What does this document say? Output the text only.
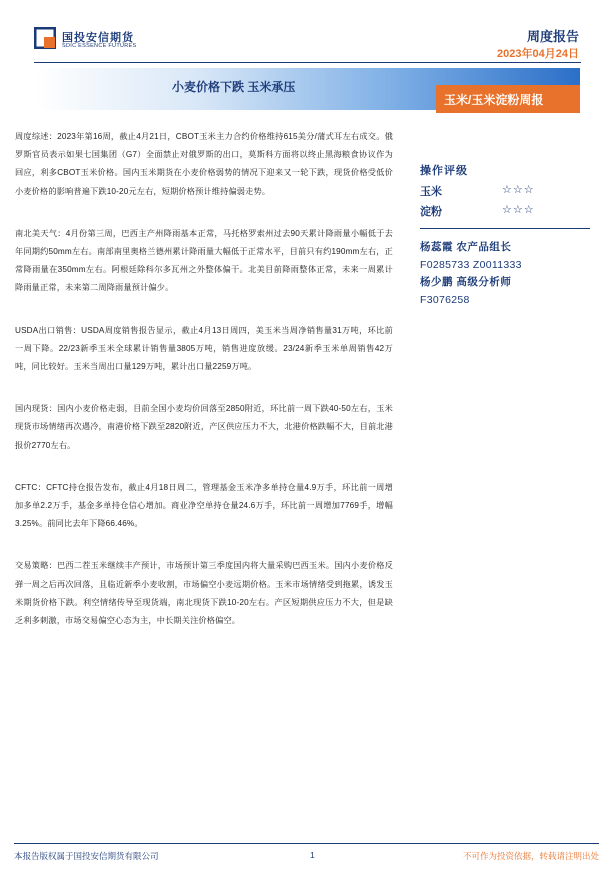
国投安信期货
SDIC ESSENCE FUTURES
周度报告
2023年04月24日
小麦价格下跌 玉米承压
玉米/玉米淀粉周报

周度综述：2023年第16周，截止4月21日，CBOT玉米主力合约价格维持615美分/蒲式耳左右成交。俄罗斯官员表示如果七国集团（G7）全面禁止对俄罗斯的出口，莫斯科方面将以终止黑海粮食协议作为回应，利多CBOT玉米价格。国内玉米期货在小麦价格弱势的情况下迎来又一轮下跌，现货价格受低价小麦价格的影响普遍下跌10-20元左右，短期价格预计维持偏弱走势。

南北美天气：4月份第三周，巴西主产州降雨基本正常，马托格罗索州过去90天累计降雨量小幅低于去年同期约50mm左右。南部南里奥格兰德州累计降雨量大幅低于正常水平，目前只有约190mm左右，正常降雨量在350mm左右。阿根廷除科尔多瓦州之外整体偏干。北美目前降雨整体正常，未来一周累计降雨量正常，未来第二周降雨量预计偏少。

USDA出口销售：USDA周度销售报告显示，截止4月13日周四，美玉米当周净销售量31万吨，环比前一周下降。22/23新季玉米全球累计销售量3805万吨，销售进度放缓。23/24新季玉米单周销售42万吨，同比较好。玉米当周出口量129万吨，累计出口量2259万吨。

国内现货：国内小麦价格走弱，目前全国小麦均价回落至2850附近，环比前一周下跌40-50左右，玉米现货市场情绪再次遇冷，南港价格下跌至2820附近，产区供应压力不大，北港价格跌幅不大，目前北港报价2770左右。

CFTC：CFTC持仓报告发布，截止4月18日周二，管理基金玉米净多单持仓量4.9万手，环比前一周增加多单2.2万手，基金多单持仓信心增加。商业净空单持仓量24.6万手，环比前一周增加7769手，增幅3.25%。前同比去年下降66.46%。

交易策略：巴西二茬玉米继续丰产预计，市场预计第三季度国内将大量采购巴西玉米。国内小麦价格反弹一周之后再次回落，且临近新季小麦收割，市场偏空小麦远期价格。玉米市场情绪受到拖累，诱发玉米期货价格下跌。利空情绪传导至现货端，南北现货下跌10-20左右。产区短期供应压力不大，但是缺乏利多刺激，市场交易偏空心态为主，中长期关注价格偏空。

操作评级
玉米	☆☆☆
淀粉	☆☆☆
杨蕊霞 农产品组长
F0285733 Z0011333
杨少鹏 高级分析师
F3076258
本报告版权属于国投安信期货有限公司	1	不可作为投资依据，转载请注明出处
